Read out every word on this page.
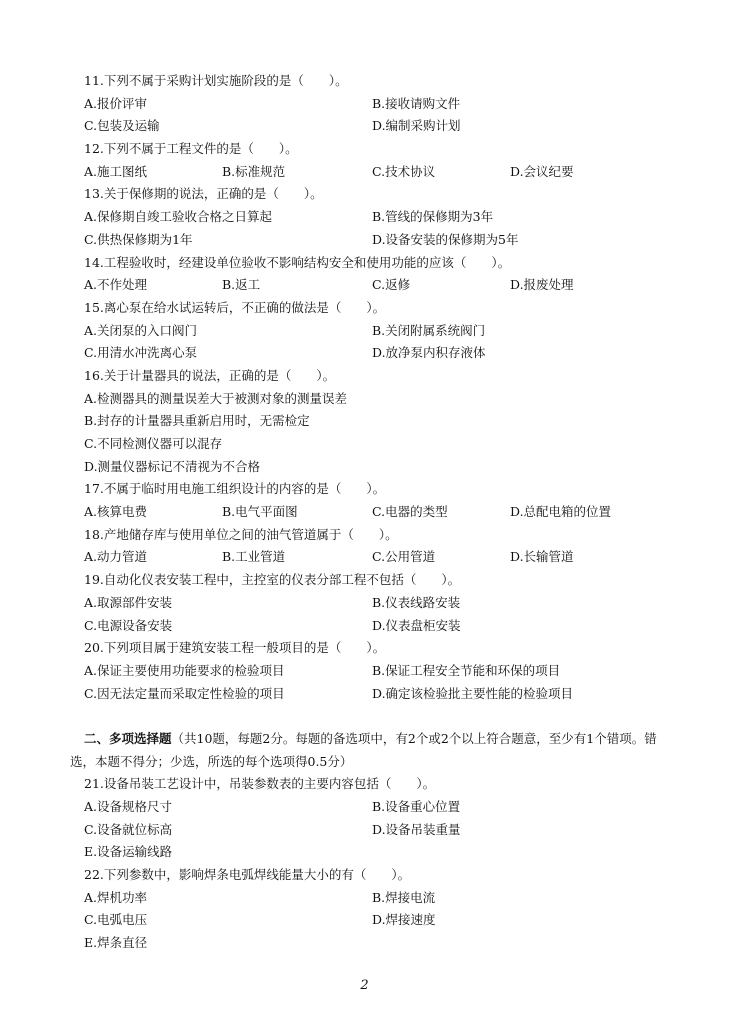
11.下列不属于采购计划实施阶段的是（　　）。
A.报价评审	B.接收请购文件
C.包装及运输	D.编制采购计划
12.下列不属于工程文件的是（　　）。
A.施工图纸	B.标准规范	C.技术协议	D.会议纪要
13.关于保修期的说法，正确的是（　　）。
A.保修期自竣工验收合格之日算起	B.管线的保修期为3年
C.供热保修期为1年	D.设备安装的保修期为5年
14.工程验收时，经建设单位验收不影响结构安全和使用功能的应该（　　）。
A.不作处理	B.返工	C.返修	D.报废处理
15.离心泵在给水试运转后，不正确的做法是（　　）。
A.关闭泵的入口阀门	B.关闭附属系统阀门
C.用清水冲洗离心泵	D.放净泵内积存液体
16.关于计量器具的说法，正确的是（　　）。
A.检测器具的测量误差大于被测对象的测量误差
B.封存的计量器具重新启用时，无需检定
C.不同检测仪器可以混存
D.测量仪器标记不清视为不合格
17.不属于临时用电施工组织设计的内容的是（　　）。
A.核算电费	B.电气平面图	C.电器的类型	D.总配电箱的位置
18.产地储存库与使用单位之间的油气管道属于（　　）。
A.动力管道	B.工业管道	C.公用管道	D.长输管道
19.自动化仪表安装工程中，主控室的仪表分部工程不包括（　　）。
A.取源部件安装	B.仪表线路安装
C.电源设备安装	D.仪表盘柜安装
20.下列项目属于建筑安装工程一般项目的是（　　）。
A.保证主要使用功能要求的检验项目	B.保证工程安全节能和环保的项目
C.因无法定量而采取定性检验的项目	D.确定该检验批主要性能的检验项目
二、多项选择题（共10题，每题2分。每题的备选项中，有2个或2个以上符合题意，至少有1个错项。错选，本题不得分；少选，所选的每个选项得0.5分）
21.设备吊装工艺设计中，吊装参数表的主要内容包括（　　）。
A.设备规格尺寸	B.设备重心位置
C.设备就位标高	D.设备吊装重量
E.设备运输线路
22.下列参数中，影响焊条电弧焊线能量大小的有（　　）。
A.焊机功率	B.焊接电流
C.电弧电压	D.焊接速度
E.焊条直径
2
